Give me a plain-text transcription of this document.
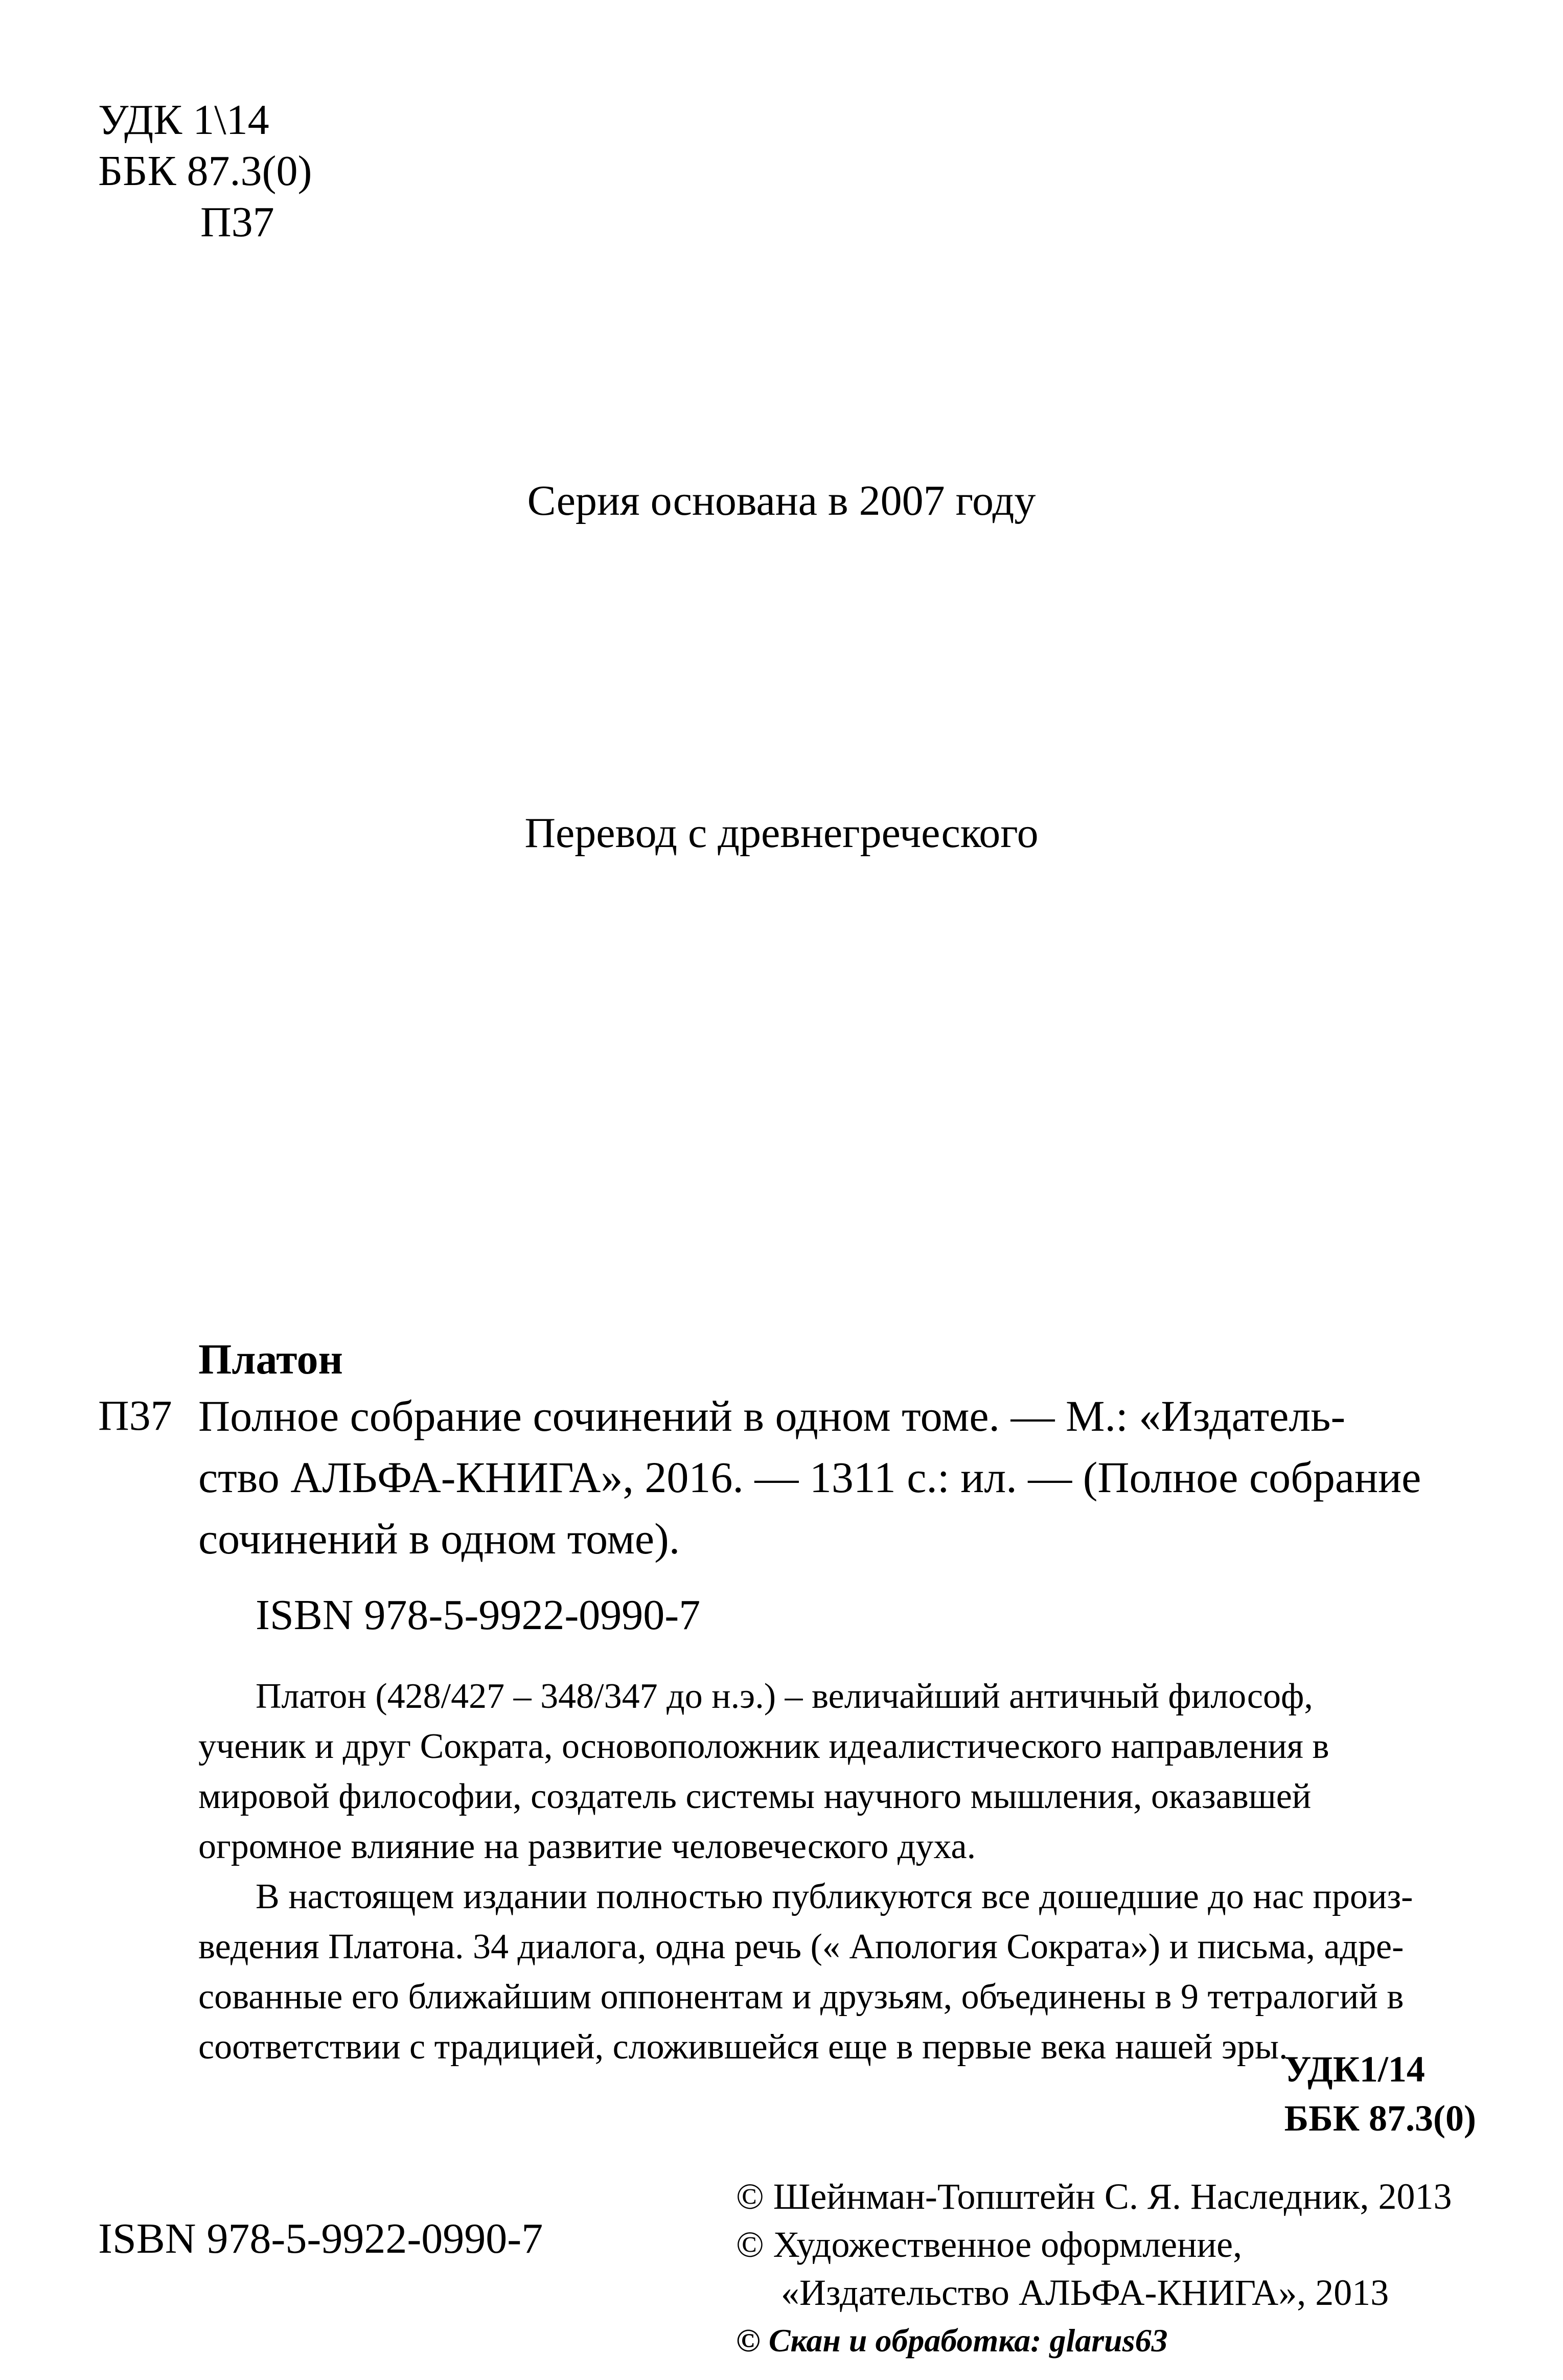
УДК 1\14
ББК 87.3(0)
П37
Серия основана в 2007 году
Перевод с древнегреческого
Платон
П37 Полное собрание сочинений в одном томе. — М.: «Издатель-
ство АЛЬФА-КНИГА», 2016. — 1311 с.: ил. — (Полное собрание
сочинений в одном томе).
ISBN 978-5-9922-0990-7
Платон (428/427 – 348/347 до н.э.) – величайший античный философ,
ученик и друг Сократа, основоположник идеалистического направления в
мировой философии, создатель системы научного мышления, оказавшей
огромное влияние на развитие человеческого духа.
В настоящем издании полностью публикуются все дошедшие до нас произ-
ведения Платона. 34 диалога, одна речь (« Апология Сократа») и письма, адре-
сованные его ближайшим оппонентам и друзьям, объединены в 9 тетралогий в
соответствии с традицией, сложившейся еще в первые века нашей эры.
УДК1/14
ББК 87.3(0)
ISBN 978-5-9922-0990-7
© Шейнман-Топштейн С. Я. Наследник, 2013
© Художественное оформление,
«Издательство АЛЬФА-КНИГА», 2013
© Скан и обработка: glarus63
